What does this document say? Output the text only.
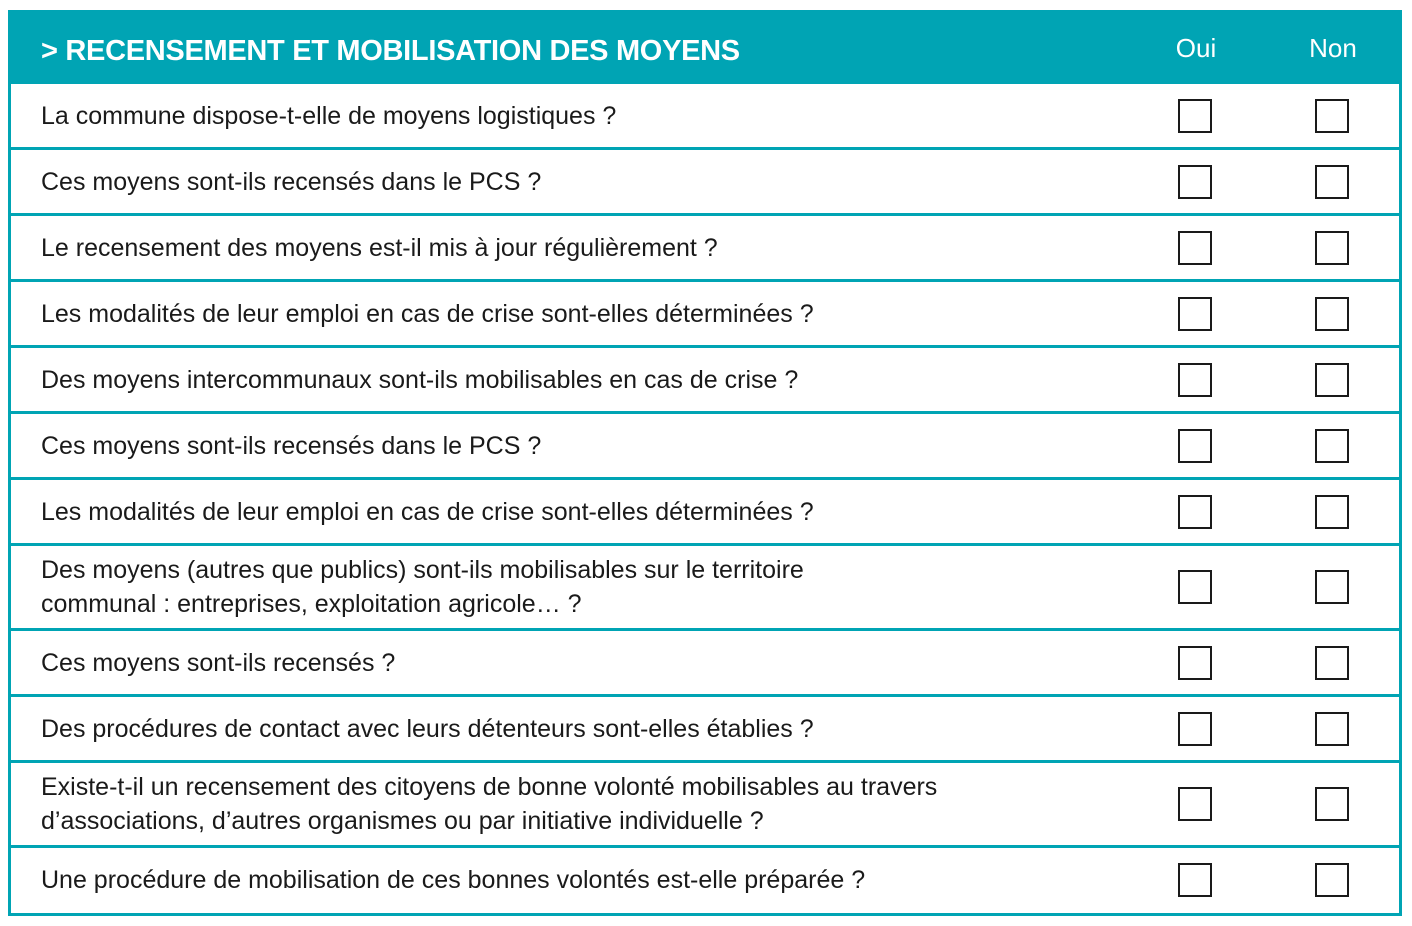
> RECENSEMENT ET MOBILISATION DES MOYENS	Oui	Non
La commune dispose-t-elle de moyens logistiques ?
Ces moyens sont-ils recensés dans le PCS ?
Le recensement des moyens est-il mis à jour régulièrement ?
Les modalités de leur emploi en cas de crise sont-elles déterminées ?
Des moyens intercommunaux sont-ils mobilisables en cas de crise ?
Ces moyens sont-ils recensés dans le PCS ?
Les modalités de leur emploi en cas de crise sont-elles déterminées ?
Des moyens (autres que publics) sont-ils mobilisables sur le territoire communal : entreprises, exploitation agricole… ?
Ces moyens sont-ils recensés ?
Des procédures de contact avec leurs détenteurs sont-elles établies ?
Existe-t-il un recensement des citoyens de bonne volonté mobilisables au travers d’associations, d’autres organismes ou par initiative individuelle ?
Une procédure de mobilisation de ces bonnes volontés est-elle préparée ?
